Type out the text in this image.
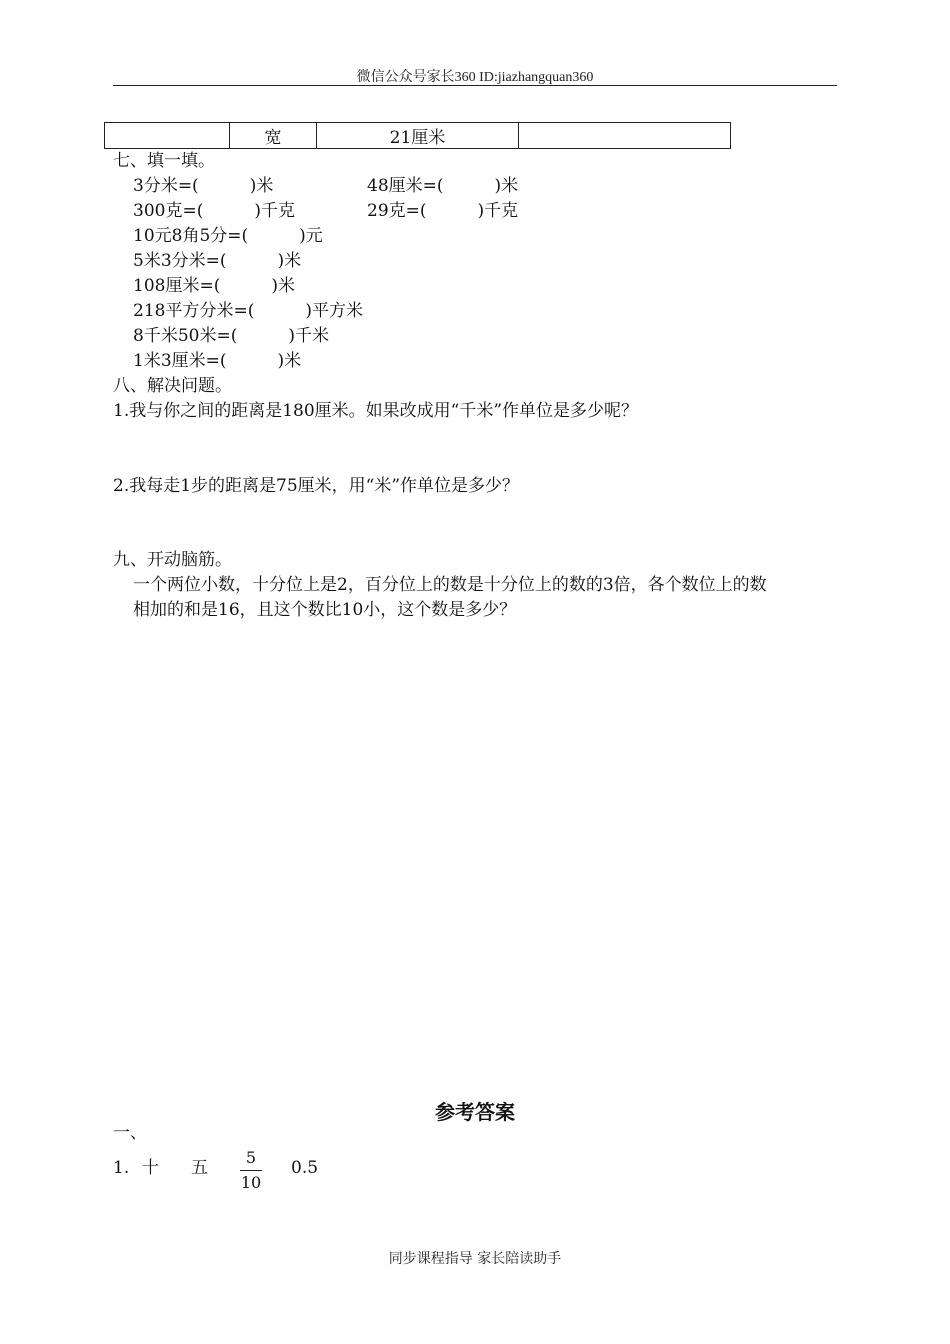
微信公众号家长360 ID:jiazhangquan360
	宽	21厘米	
七、填一填。
3分米=(　　　)米	48厘米=(　　　)米
300克=(　　　)千克	29克=(　　　)千克
10元8角5分=(　　　)元
5米3分米=(　　　)米
108厘米=(　　　)米
218平方分米=(　　　)平方米
8千米50米=(　　　)千米
1米3厘米=(　　　)米
八、解决问题。
1.我与你之间的距离是180厘米。如果改成用“千米”作单位是多少呢？
2.我每走1步的距离是75厘米，用“米”作单位是多少？
九、开动脑筋。
一个两位小数，十分位上是2，百分位上的数是十分位上的数的3倍，各个数位上的数
相加的和是16，且这个数比10小，这个数是多少？
参考答案
一、
1. 十 五
5
10
0.5
同步课程指导 家长陪读助手
